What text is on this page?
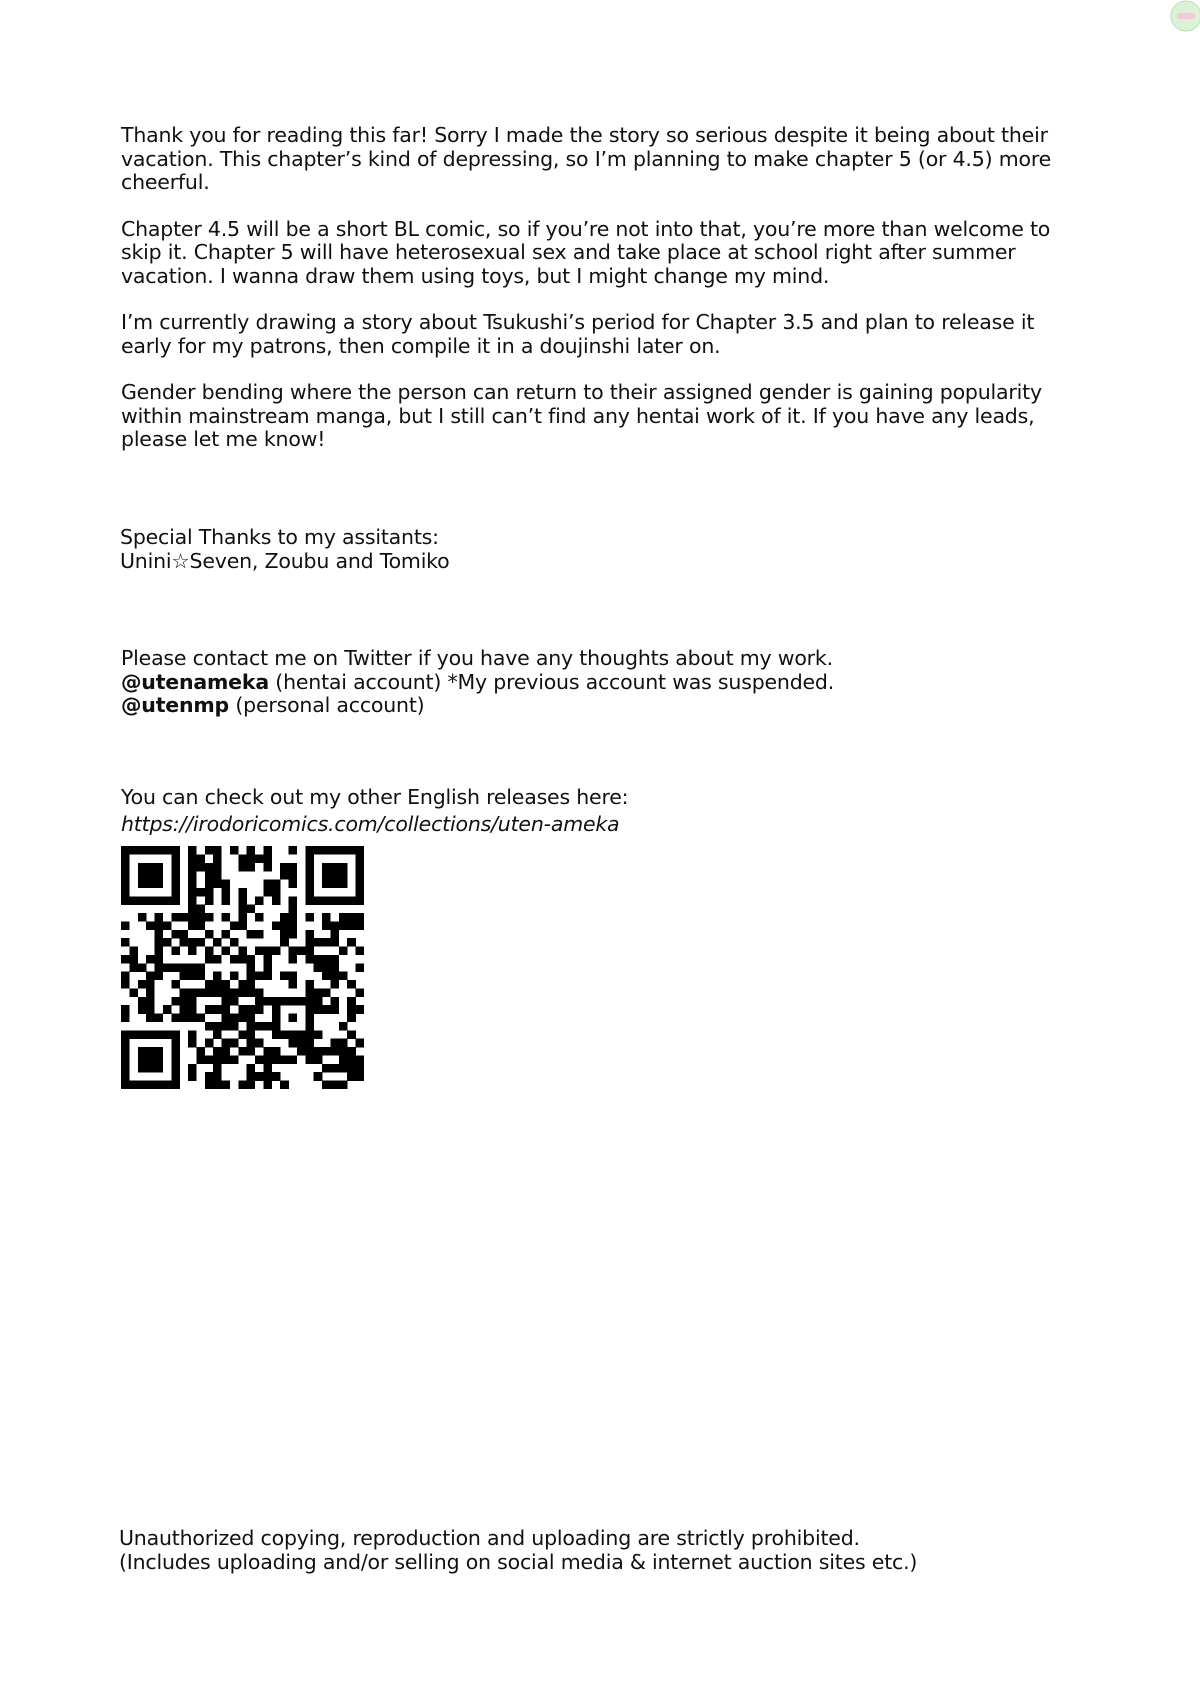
Thank you for reading this far! Sorry I made the story so serious despite it being about their
vacation. This chapter’s kind of depressing, so I’m planning to make chapter 5 (or 4.5) more
cheerful.

Chapter 4.5 will be a short BL comic, so if you’re not into that, you’re more than welcome to
skip it. Chapter 5 will have heterosexual sex and take place at school right after summer
vacation. I wanna draw them using toys, but I might change my mind.

I’m currently drawing a story about Tsukushi’s period for Chapter 3.5 and plan to release it
early for my patrons, then compile it in a doujinshi later on.

Gender bending where the person can return to their assigned gender is gaining popularity
within mainstream manga, but I still can’t find any hentai work of it. If you have any leads,
please let me know!

Special Thanks to my assitants:
Unini☆Seven, Zoubu and Tomiko
Please contact me on Twitter if you have any thoughts about my work.
@utenameka (hentai account) *My previous account was suspended.
@utenmp (personal account)
You can check out my other English releases here:
https://irodoricomics.com/collections/uten-ameka
Unauthorized copying, reproduction and uploading are strictly prohibited.
(Includes uploading and/or selling on social media & internet auction sites etc.)
